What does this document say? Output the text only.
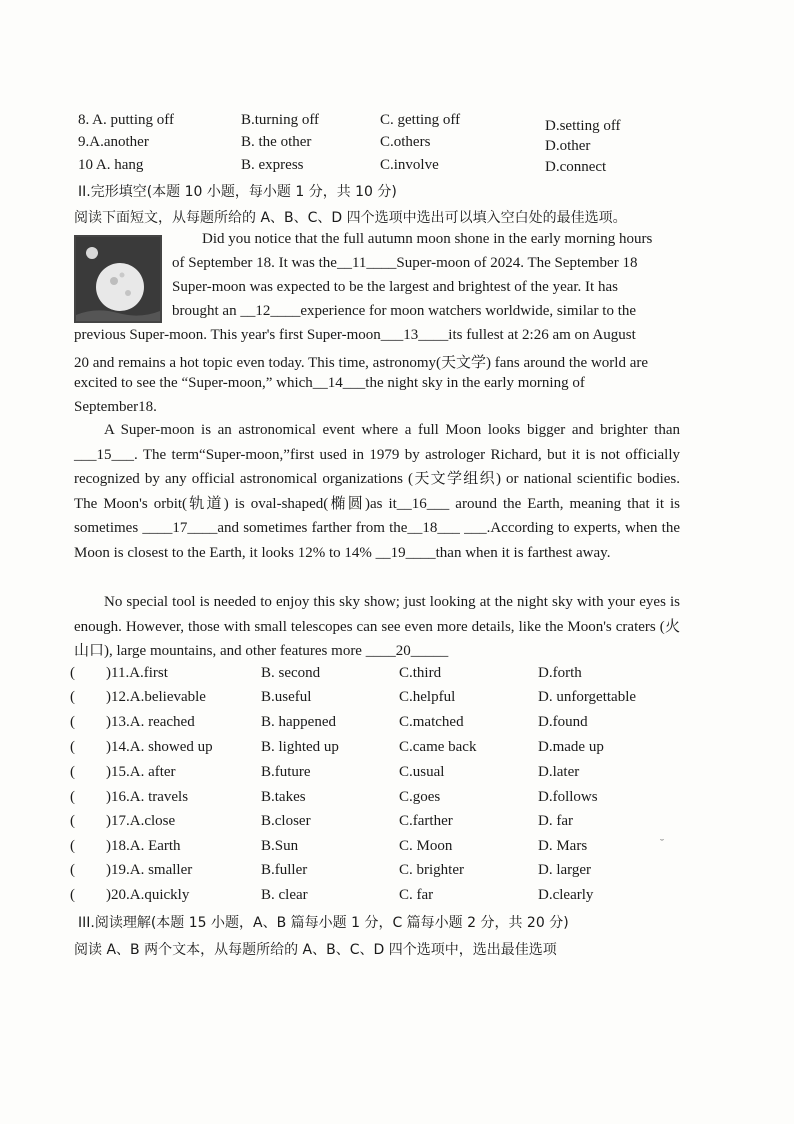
8. A. putting off	B.turning off	C. getting off	D.setting off
9.A.another	B. the other	C.others	D.other
10 A. hang	B. express	C.involve	D.connect
II.完形填空(本题 10 小题，每小题 1 分，共 10 分)
阅读下面短文，从每题所给的 A、B、C、D 四个选项中选出可以填入空白处的最佳选项。
Did you notice that the full autumn moon shone in the early morning hours
of September 18. It was the__11____Super-moon of 2024. The September 18
Super-moon was expected to be the largest and brightest of the year. It has
brought an __12____experience for moon watchers worldwide, similar to the
previous Super-moon. This year's first Super-moon___13____its fullest at 2:26 am on August
20 and remains a hot topic even today. This time, astronomy(天文学) fans around the world are
excited to see the “Super-moon,” which__14___the night sky in the early morning of
September18.

A Super-moon is an astronomical event where a full Moon looks bigger and brighter than ___15___. The term“Super-moon,”first used in 1979 by astrologer Richard, but it is not officially recognized by any official astronomical organizations (天文学组织) or national scientific bodies. The Moon's orbit(轨道) is oval-shaped(椭圆)as it__16___ around the Earth, meaning that it is sometimes ____17____and sometimes farther from the__18___ ___.According to experts, when the Moon is closest to the Earth, it looks 12% to 14% __19____than when it is farthest away.

No special tool is needed to enjoy this sky show; just looking at the night sky with your eyes is enough. However, those with small telescopes can see even more details, like the Moon's craters (火山口), large mountains, and other features more ____20_____

( )11.A.first	B. second	C.third	D.forth
( )12.A.believable	B.useful	C.helpful	D. unforgettable
( )13.A. reached	B. happened	C.matched	D.found
( )14.A. showed up	B. lighted up	C.came back	D.made up
( )15.A. after	B.future	C.usual	D.later
( )16.A. travels	B.takes	C.goes	D.follows
( )17.A.close	B.closer	C.farther	D. far
( )18.A. Earth	B.Sun	C. Moon	D. Mars
( )19.A. smaller	B.fuller	C. brighter	D. larger
( )20.A.quickly	B. clear	C. far	D.clearly
III.阅读理解(本题 15 小题，A、B 篇每小题 1 分，C 篇每小题 2 分，共 20 分)
阅读 A、B 两个文本，从每题所给的 A、B、C、D 四个选项中，选出最佳选项
˘
